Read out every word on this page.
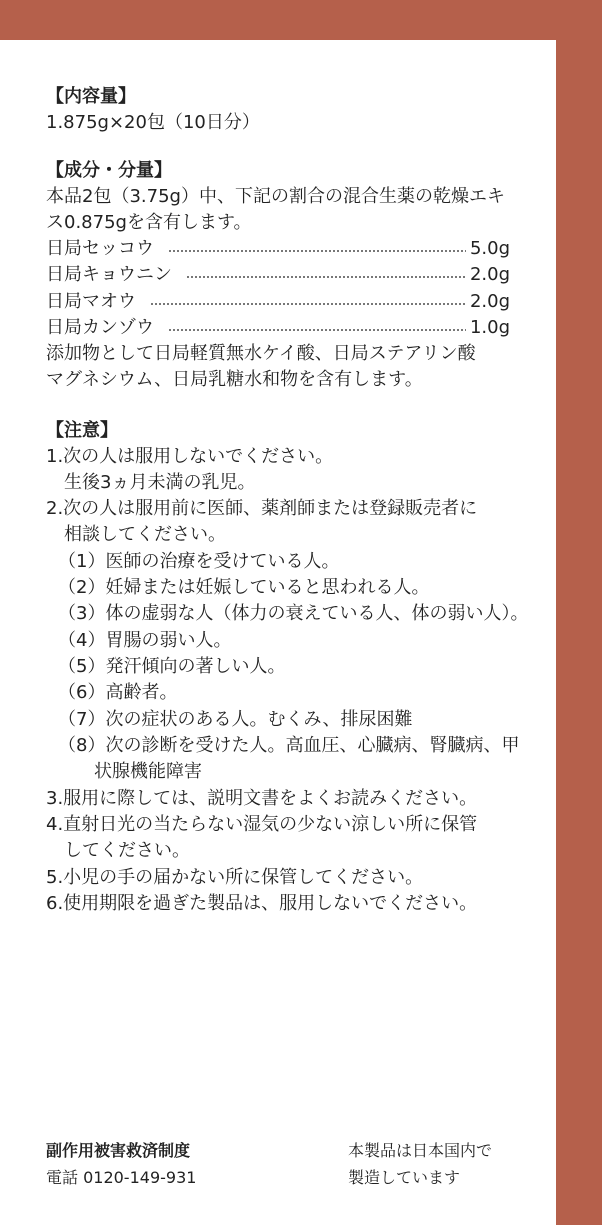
【内容量】
1.875g×20包（10日分）
【成分・分量】
本品2包（3.75g）中、下記の割合の混合生薬の乾燥エキ
ス0.875gを含有します。
日局セッコウ	5.0g
日局キョウニン	2.0g
日局マオウ	2.0g
日局カンゾウ	1.0g
添加物として日局軽質無水ケイ酸、日局ステアリン酸
マグネシウム、日局乳糖水和物を含有します。
【注意】
1.次の人は服用しないでください。
生後3ヵ月未満の乳児。
2.次の人は服用前に医師、薬剤師または登録販売者に
相談してください。
（1）医師の治療を受けている人。
（2）妊婦または妊娠していると思われる人。
（3）体の虚弱な人（体力の衰えている人、体の弱い人）。
（4）胃腸の弱い人。
（5）発汗傾向の著しい人。
（6）高齢者。
（7）次の症状のある人。むくみ、排尿困難
（8）次の診断を受けた人。高血圧、心臓病、腎臓病、甲
状腺機能障害
3.服用に際しては、説明文書をよくお読みください。
4.直射日光の当たらない湿気の少ない涼しい所に保管
してください。
5.小児の手の届かない所に保管してください。
6.使用期限を過ぎた製品は、服用しないでください。
副作用被害救済制度
電話 0120-149-931
本製品は日本国内で
製造しています
